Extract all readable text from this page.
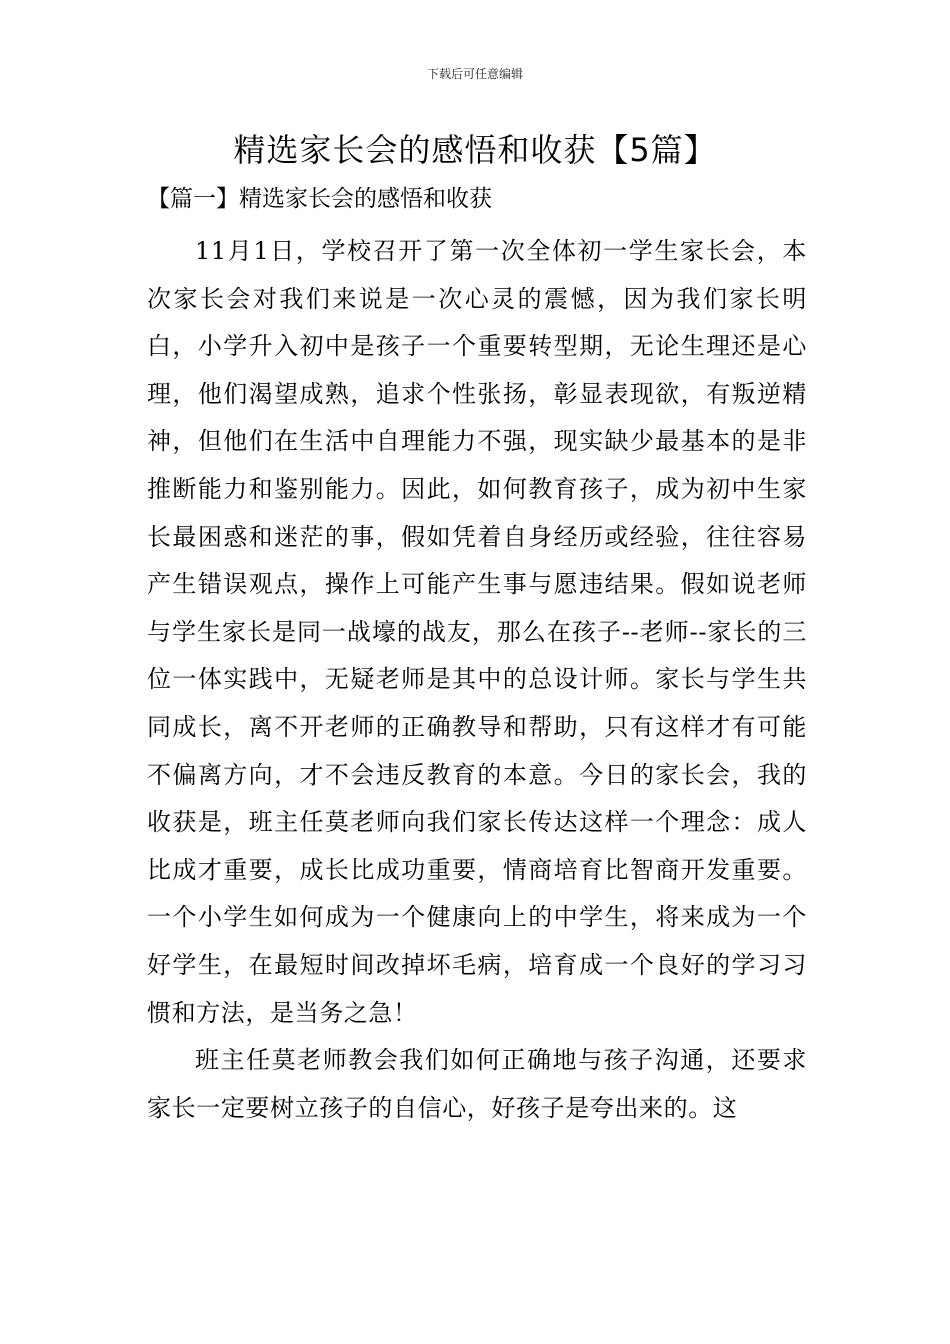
下载后可任意编辑
精选家长会的感悟和收获【5篇】
【篇一】精选家长会的感悟和收获

11月1日，学校召开了第一次全体初一学生家长会，本次家长会对我们来说是一次心灵的震憾，因为我们家长明白，小学升入初中是孩子一个重要转型期，无论生理还是心理，他们渴望成熟，追求个性张扬，彰显表现欲，有叛逆精神，但他们在生活中自理能力不强，现实缺少最基本的是非推断能力和鉴别能力。因此，如何教育孩子，成为初中生家长最困惑和迷茫的事，假如凭着自身经历或经验，往往容易产生错误观点，操作上可能产生事与愿违结果。假如说老师与学生家长是同一战壕的战友，那么在孩子--老师--家长的三位一体实践中，无疑老师是其中的总设计师。家长与学生共同成长，离不开老师的正确教导和帮助，只有这样才有可能不偏离方向，才不会违反教育的本意。今日的家长会，我的收获是，班主任莫老师向我们家长传达这样一个理念：成人比成才重要，成长比成功重要，情商培育比智商开发重要。一个小学生如何成为一个健康向上的中学生，将来成为一个好学生，在最短时间改掉坏毛病，培育成一个良好的学习习惯和方法，是当务之急！

班主任莫老师教会我们如何正确地与孩子沟通，还要求家长一定要树立孩子的自信心，好孩子是夸出来的。这
